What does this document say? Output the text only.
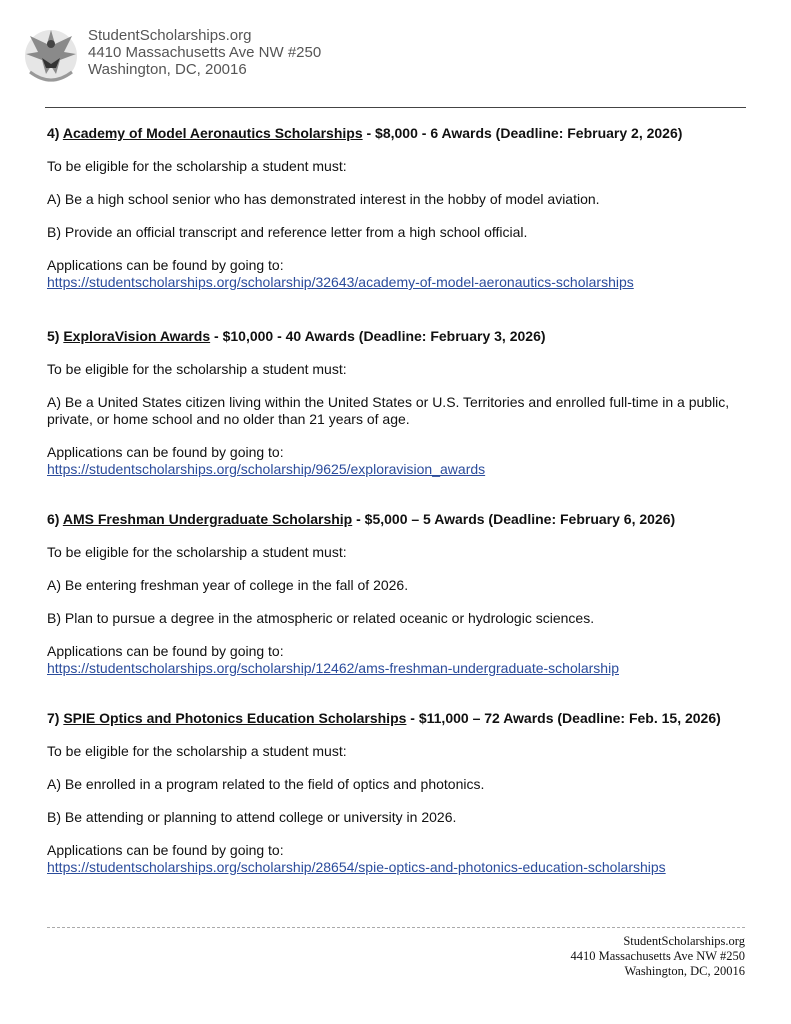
StudentScholarships.org
4410 Massachusetts Ave NW #250
Washington, DC, 20016

4) Academy of Model Aeronautics Scholarships - $8,000 - 6 Awards (Deadline: February 2, 2026)

To be eligible for the scholarship a student must:

A) Be a high school senior who has demonstrated interest in the hobby of model aviation.

B) Provide an official transcript and reference letter from a high school official.

Applications can be found by going to:
https://studentscholarships.org/scholarship/32643/academy-of-model-aeronautics-scholarships

5) ExploraVision Awards - $10,000 - 40 Awards (Deadline: February 3, 2026)

To be eligible for the scholarship a student must:

A) Be a United States citizen living within the United States or U.S. Territories and enrolled full-time in a public, private, or home school and no older than 21 years of age.

Applications can be found by going to:
https://studentscholarships.org/scholarship/9625/exploravision_awards

6) AMS Freshman Undergraduate Scholarship - $5,000 – 5 Awards (Deadline: February 6, 2026)

To be eligible for the scholarship a student must:

A) Be entering freshman year of college in the fall of 2026.

B) Plan to pursue a degree in the atmospheric or related oceanic or hydrologic sciences.

Applications can be found by going to:
https://studentscholarships.org/scholarship/12462/ams-freshman-undergraduate-scholarship

7) SPIE Optics and Photonics Education Scholarships - $11,000 – 72 Awards (Deadline: Feb. 15, 2026)

To be eligible for the scholarship a student must:

A) Be enrolled in a program related to the field of optics and photonics.

B) Be attending or planning to attend college or university in 2026.

Applications can be found by going to:
https://studentscholarships.org/scholarship/28654/spie-optics-and-photonics-education-scholarships

StudentScholarships.org
4410 Massachusetts Ave NW #250
Washington, DC, 20016
